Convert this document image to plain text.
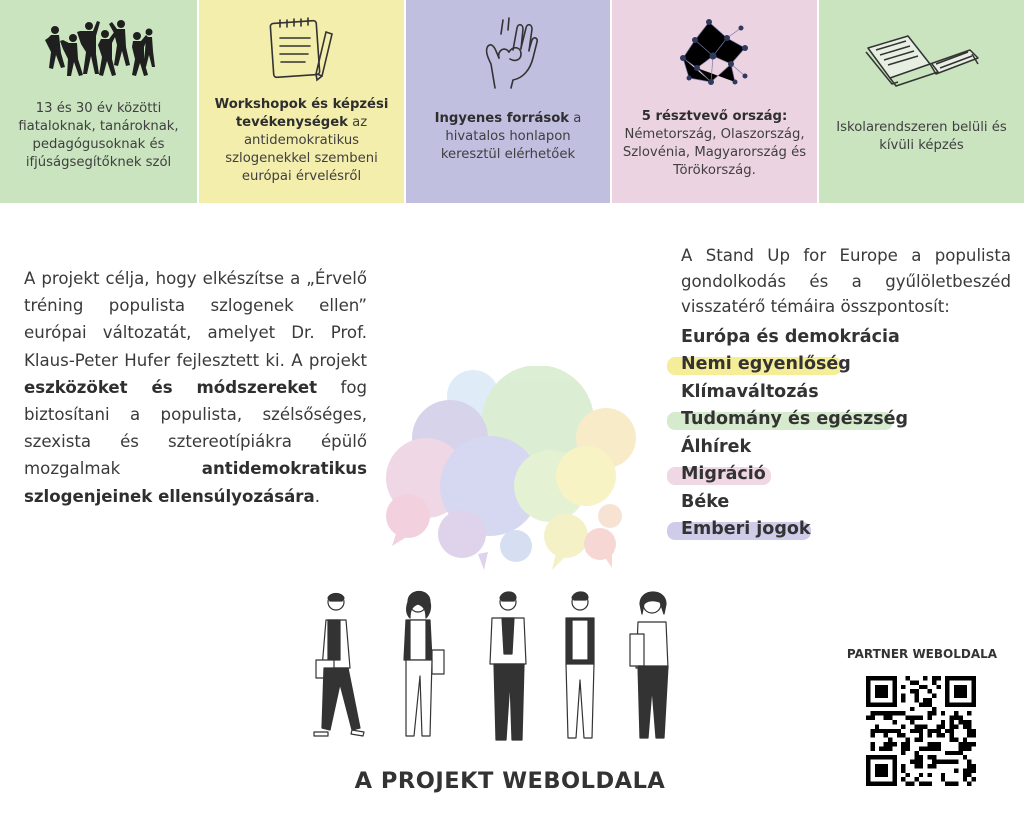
13 és 30 év közötti fiataloknak, tanároknak, pedagógusoknak és ifjúságsegítőknek szól
Workshopok és képzési tevékenységek az antidemokratikus szlogenekkel szembeni európai érvelésről
Ingyenes források a hivatalos honlapon keresztül elérhetőek
5 résztvevő ország:
Németország, Olaszország, Szlovénia, Magyarország és Törökország.
Iskolarendszeren belüli és kívüli képzés
A projekt célja, hogy elkészítse a „Érvelő tréning populista szlogenek ellen” európai változatát, amelyet Dr. Prof. Klaus-Peter Hufer fejlesztett ki. A projekt eszközöket és módszereket fog biztosítani a populista, szélsőséges, szexista és sztereotípiákra épülő mozgalmak antidemokratikus szlogenjeinek ellensúlyozására.
A Stand Up for Europe a populista gondolkodás és a gyűlöletbeszéd visszatérő témáira összpontosít:
Európa és demokrácia
Nemi egyenlőség
Klímaváltozás
Tudomány és egészség
Álhírek
Migráció
Béke
Emberi jogok
A PROJEKT WEBOLDALA
PARTNER WEBOLDALA
